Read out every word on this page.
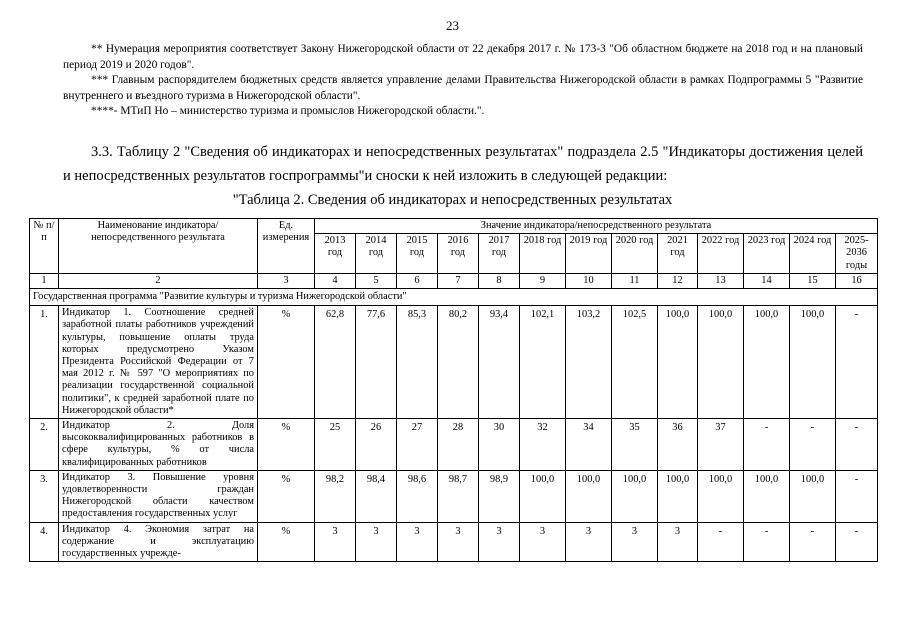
23
** Нумерация мероприятия соответствует Закону Нижегородской области от 22 декабря 2017 г. № 173-З "Об областном бюджете на 2018 год и на плановый период 2019 и 2020 годов".
*** Главным распорядителем бюджетных средств является управление делами Правительства Нижегородской области в рамках Подпрограммы 5 "Развитие внутреннего и въездного туризма в Нижегородской области".
****- МТиП Но – министерство туризма и промыслов Нижегородской области.".
3.3. Таблицу 2 "Сведения об индикаторах и непосредственных результатах" подраздела 2.5 "Индикаторы достижения целей и непосредственных результатов госпрограммы"и сноски к ней изложить в следующей редакции:
"Таблица 2. Сведения об индикаторах и непосредственных результатах
№ п/п	Наименование индикатора/непосредственного результата	Ед. измерения	Значение индикатора/непосредственного результата												
			2013 год	2014 год	2015 год	2016 год	2017 год	2018 год	2019 год	2020 год	2021 год	2022 год	2023 год	2024 год	2025-2036 годы
1	2	3	4	5	6	7	8	9	10	11	12	13	14	15	16
Государственная программа "Развитие культуры и туризма Нижегородской области"															
1.	Индикатор 1. Соотношение средней заработной платы работников учреждений культуры, повышение оплаты труда которых предусмотрено Указом Президента Российской Федерации от 7 мая 2012 г. № 597 "О мероприятиях по реализации государственной социальной политики", к средней заработной плате по Нижегородской области*	%	62,8	77,6	85,3	80,2	93,4	102,1	103,2	102,5	100,0	100,0	100,0	100,0	-
2.	Индикатор 2. Доля высококвалифицированных работников в сфере культуры, % от числа квалифицированных работников	%	25	26	27	28	30	32	34	35	36	37	-	-	-
3.	Индикатор 3. Повышение уровня удовлетворенности граждан Нижегородской области качеством предоставления государственных услуг	%	98,2	98,4	98,6	98,7	98,9	100,0	100,0	100,0	100,0	100,0	100,0	100,0	-
4.	Индикатор 4. Экономия затрат на содержание и эксплуатацию государственных учрежде-	%	3	3	3	3	3	3	3	3	3	-	-	-	-
